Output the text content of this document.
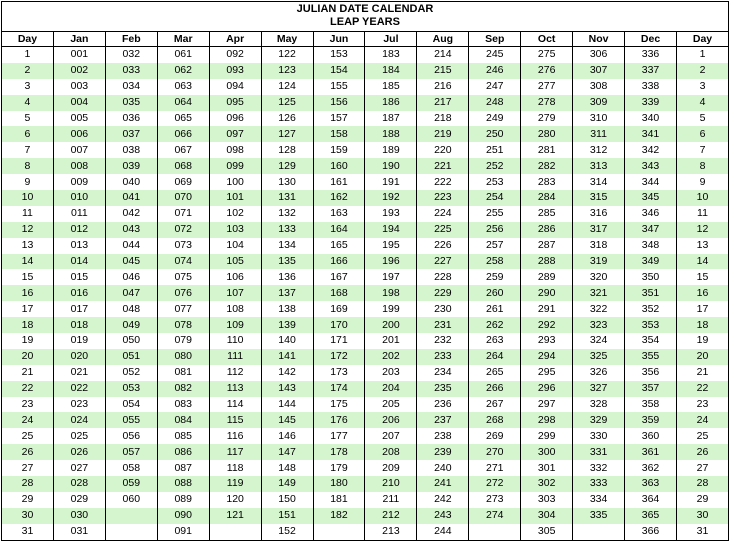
JULIAN DATE CALENDAR
LEAP YEARS
Day	Jan	Feb	Mar	Apr	May	Jun	Jul	Aug	Sep	Oct	Nov	Dec	Day
1	001	032	061	092	122	153	183	214	245	275	306	336	1
2	002	033	062	093	123	154	184	215	246	276	307	337	2
3	003	034	063	094	124	155	185	216	247	277	308	338	3
4	004	035	064	095	125	156	186	217	248	278	309	339	4
5	005	036	065	096	126	157	187	218	249	279	310	340	5
6	006	037	066	097	127	158	188	219	250	280	311	341	6
7	007	038	067	098	128	159	189	220	251	281	312	342	7
8	008	039	068	099	129	160	190	221	252	282	313	343	8
9	009	040	069	100	130	161	191	222	253	283	314	344	9
10	010	041	070	101	131	162	192	223	254	284	315	345	10
11	011	042	071	102	132	163	193	224	255	285	316	346	11
12	012	043	072	103	133	164	194	225	256	286	317	347	12
13	013	044	073	104	134	165	195	226	257	287	318	348	13
14	014	045	074	105	135	166	196	227	258	288	319	349	14
15	015	046	075	106	136	167	197	228	259	289	320	350	15
16	016	047	076	107	137	168	198	229	260	290	321	351	16
17	017	048	077	108	138	169	199	230	261	291	322	352	17
18	018	049	078	109	139	170	200	231	262	292	323	353	18
19	019	050	079	110	140	171	201	232	263	293	324	354	19
20	020	051	080	111	141	172	202	233	264	294	325	355	20
21	021	052	081	112	142	173	203	234	265	295	326	356	21
22	022	053	082	113	143	174	204	235	266	296	327	357	22
23	023	054	083	114	144	175	205	236	267	297	328	358	23
24	024	055	084	115	145	176	206	237	268	298	329	359	24
25	025	056	085	116	146	177	207	238	269	299	330	360	25
26	026	057	086	117	147	178	208	239	270	300	331	361	26
27	027	058	087	118	148	179	209	240	271	301	332	362	27
28	028	059	088	119	149	180	210	241	272	302	333	363	28
29	029	060	089	120	150	181	211	242	273	303	334	364	29
30	030		090	121	151	182	212	243	274	304	335	365	30
31	031		091		152		213	244		305		366	31
